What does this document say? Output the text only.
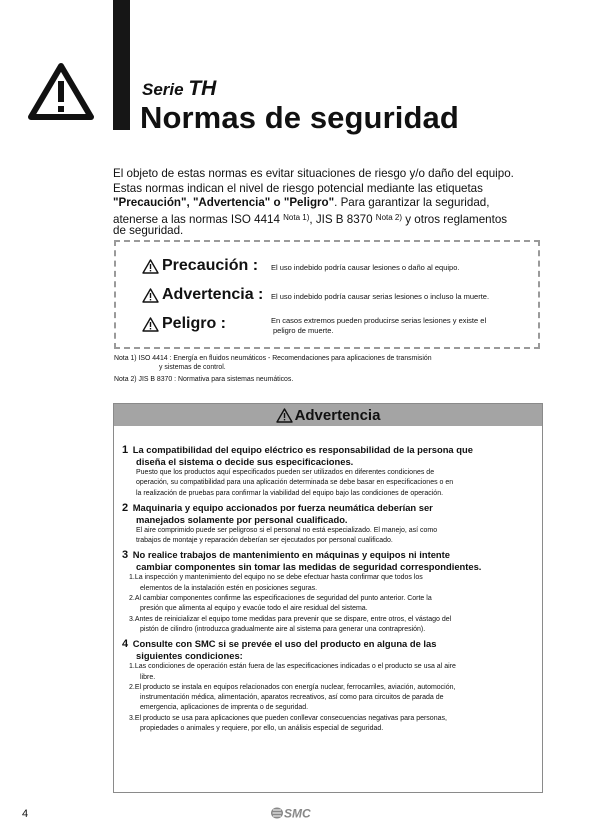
Serie TH
Normas de seguridad

El objeto de estas normas es evitar situaciones de riesgo y/o daño del equipo.

Estas normas indican el nivel de riesgo potencial mediante las etiquetas

"Precaución", "Advertencia" o "Peligro". Para garantizar la seguridad,

atenerse a las normas ISO 4414 $^{Nota 1)}$, JIS B 8370 $^{Nota 2)}$ y otros reglamentos

de seguridad.

Precaución : El uso indebido podría causar lesiones o daño al equipo.
Advertencia : El uso indebido podría causar serias lesiones o incluso la muerte.
Peligro :	En casos extremos pueden producirse serias lesiones y existe el
peligro de muerte.

Nota 1) ISO 4414 : Energía en fluidos neumáticos - Recomendaciones para aplicaciones de transmisión

y sistemas de control.

Nota 2) JIS B 8370 : Normativa para sistemas neumáticos.

Advertencia
1 La compatibilidad del equipo eléctrico es responsabilidad de la persona que
diseña el sistema o decide sus especificaciones.

Puesto que los productos aquí especificados pueden ser utilizados en diferentes condiciones de

operación, su compatibilidad para una aplicación determinada se debe basar en especificaciones o en

la realización de pruebas para confirmar la viabilidad del equipo bajo las condiciones de operación.

2 Maquinaria y equipo accionados por fuerza neumática deberían ser
manejados solamente por personal cualificado.

El aire comprimido puede ser peligroso si el personal no está especializado. El manejo, así como

trabajos de montaje y reparación deberían ser ejecutados por personal cualificado.

3 No realice trabajos de mantenimiento en máquinas y equipos ni intente
cambiar componentes sin tomar las medidas de seguridad correspondientes.

1.La inspección y mantenimiento del equipo no se debe efectuar hasta confirmar que todos los

elementos de la instalación estén en posiciones seguras.

2.Al cambiar componentes confirme las especificaciones de seguridad del punto anterior. Corte la

presión que alimenta al equipo y evacúe todo el aire residual del sistema.

3.Antes de reinicializar el equipo tome medidas para prevenir que se dispare, entre otros, el vástago del

pistón de cilindro (introduzca gradualmente aire al sistema para generar una contrapresión).

4 Consulte con SMC si se prevée el uso del producto en alguna de las
siguientes condiciones:

1.Las condiciones de operación están fuera de las especificaciones indicadas o el producto se usa al aire

libre.

2.El producto se instala en equipos relacionados con energía nuclear, ferrocarriles, aviación, automoción,

instrumentación médica, alimentación, aparatos recreativos, así como para circuitos de parada de

emergencia, aplicaciones de imprenta o de seguridad.

3.El producto se usa para aplicaciones que pueden conllevar consecuencias negativas para personas,

propiedades o animales y requiere, por ello, un análisis especial de seguridad.

4	SMC
